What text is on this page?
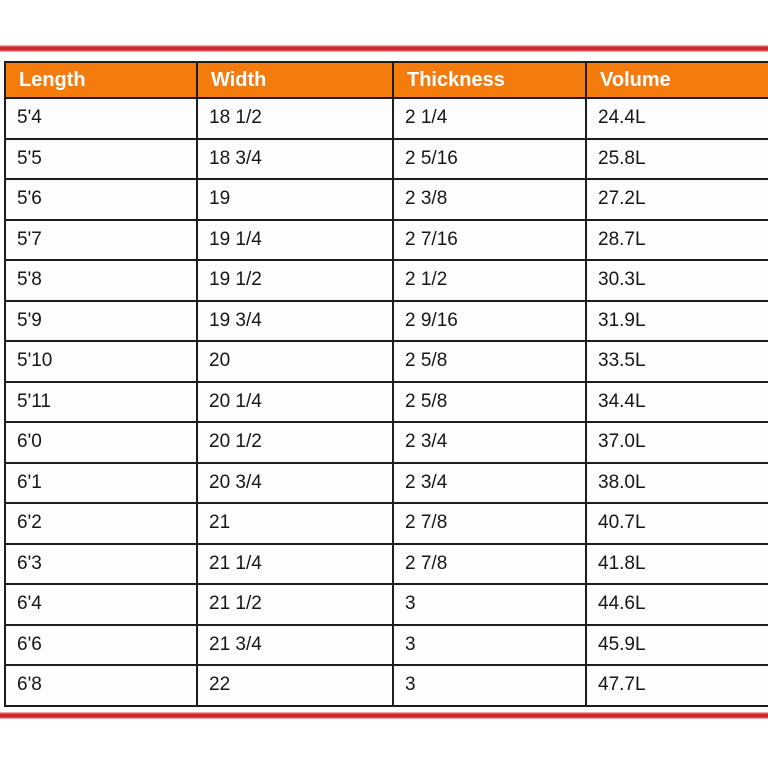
Length	Width	Thickness	Volume
5'4	18 1/2	2 1/4	24.4L
5'5	18 3/4	2 5/16	25.8L
5'6	19	2 3/8	27.2L
5'7	19 1/4	2 7/16	28.7L
5'8	19 1/2	2 1/2	30.3L
5'9	19 3/4	2 9/16	31.9L
5'10	20	2 5/8	33.5L
5'11	20 1/4	2 5/8	34.4L
6'0	20 1/2	2 3/4	37.0L
6'1	20 3/4	2 3/4	38.0L
6'2	21	2 7/8	40.7L
6'3	21 1/4	2 7/8	41.8L
6'4	21 1/2	3	44.6L
6'6	21 3/4	3	45.9L
6'8	22	3	47.7L
